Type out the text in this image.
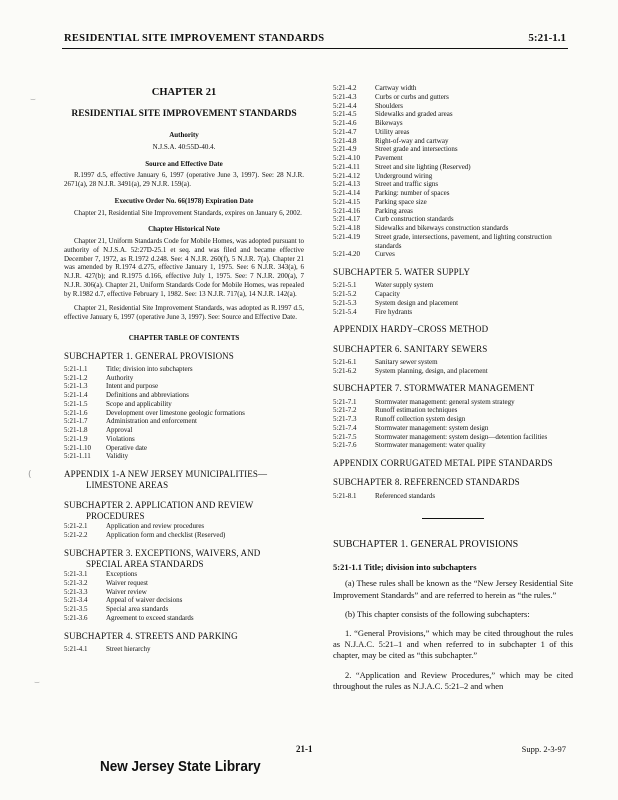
RESIDENTIAL SITE IMPROVEMENT STANDARDS	5:21-1.1
CHAPTER 21
RESIDENTIAL SITE IMPROVEMENT STANDARDS
Authority
N.J.S.A. 40:55D-40.4.
Source and Effective Date
R.1997 d.5, effective January 6, 1997 (operative June 3, 1997). See: 28 N.J.R. 2671(a), 28 N.J.R. 3491(a), 29 N.J.R. 159(a).
Executive Order No. 66(1978) Expiration Date
Chapter 21, Residential Site Improvement Standards, expires on January 6, 2002.
Chapter Historical Note
Chapter 21, Uniform Standards Code for Mobile Homes, was adopted pursuant to authority of N.J.S.A. 52:27D-25.1 et seq. and was filed and became effective December 7, 1972, as R.1972 d.248. See: 4 N.J.R. 260(f), 5 N.J.R. 7(a). Chapter 21 was amended by R.1974 d.275, effective January 1, 1975. See: 6 N.J.R. 343(a), 6 N.J.R. 427(b); and R.1975 d.166, effective July 1, 1975. See: 7 N.J.R. 200(a), 7 N.J.R. 306(a). Chapter 21, Uniform Standards Code for Mobile Homes, was repealed by R.1982 d.7, effective February 1, 1982. See: 13 N.J.R. 717(a), 14 N.J.R. 142(a).
Chapter 21, Residential Site Improvement Standards, was adopted as R.1997 d.5, effective January 6, 1997 (operative June 3, 1997). See: Source and Effective Date.
CHAPTER TABLE OF CONTENTS
SUBCHAPTER 1. GENERAL PROVISIONS
5:21-1.1	Title; division into subchapters
5:21-1.2	Authority
5:21-1.3	Intent and purpose
5:21-1.4	Definitions and abbreviations
5:21-1.5	Scope and applicability
5:21-1.6	Development over limestone geologic formations
5:21-1.7	Administration and enforcement
5:21-1.8	Approval
5:21-1.9	Violations
5:21-1.10	Operative date
5:21-1.11	Validity
APPENDIX 1-A NEW JERSEY MUNICIPALITIES—
LIMESTONE AREAS
SUBCHAPTER 2. APPLICATION AND REVIEW
PROCEDURES
5:21-2.1	Application and review procedures
5:21-2.2	Application form and checklist (Reserved)
SUBCHAPTER 3. EXCEPTIONS, WAIVERS, AND
SPECIAL AREA STANDARDS
5:21-3.1	Exceptions
5:21-3.2	Waiver request
5:21-3.3	Waiver review
5:21-3.4	Appeal of waiver decisions
5:21-3.5	Special area standards
5:21-3.6	Agreement to exceed standards
SUBCHAPTER 4. STREETS AND PARKING
5:21-4.1	Street hierarchy
5:21-4.2	Cartway width
5:21-4.3	Curbs or curbs and gutters
5:21-4.4	Shoulders
5:21-4.5	Sidewalks and graded areas
5:21-4.6	Bikeways
5:21-4.7	Utility areas
5:21-4.8	Right-of-way and cartway
5:21-4.9	Street grade and intersections
5:21-4.10	Pavement
5:21-4.11	Street and site lighting (Reserved)
5:21-4.12	Underground wiring
5:21-4.13	Street and traffic signs
5:21-4.14	Parking: number of spaces
5:21-4.15	Parking space size
5:21-4.16	Parking areas
5:21-4.17	Curb construction standards
5:21-4.18	Sidewalks and bikeways construction standards
5:21-4.19	Street grade, intersections, pavement, and lighting construction standards
5:21-4.20	Curves
SUBCHAPTER 5. WATER SUPPLY
5:21-5.1	Water supply system
5:21-5.2	Capacity
5:21-5.3	System design and placement
5:21-5.4	Fire hydrants
APPENDIX HARDY–CROSS METHOD
SUBCHAPTER 6. SANITARY SEWERS
5:21-6.1	Sanitary sewer system
5:21-6.2	System planning, design, and placement
SUBCHAPTER 7. STORMWATER MANAGEMENT
5:21-7.1	Stormwater management: general system strategy
5:21-7.2	Runoff estimation techniques
5:21-7.3	Runoff collection system design
5:21-7.4	Stormwater management: system design
5:21-7.5	Stormwater management: system design—detention facilities
5:21-7.6	Stormwater management: water quality
APPENDIX CORRUGATED METAL PIPE STANDARDS
SUBCHAPTER 8. REFERENCED STANDARDS
5:21-8.1	Referenced standards
SUBCHAPTER 1. GENERAL PROVISIONS
5:21-1.1 Title; division into subchapters
(a) These rules shall be known as the “New Jersey Residential Site Improvement Standards” and are referred to herein as “the rules.”
(b) This chapter consists of the following subchapters:
1. “General Provisions,” which may be cited throughout the rules as N.J.A.C. 5:21–1 and when referred to in subchapter 1 of this chapter, may be cited as “this subchapter.”
2. “Application and Review Procedures,” which may be cited throughout the rules as N.J.A.C. 5:21–2 and when
21-1	Supp. 2-3-97
New Jersey State Library
⌣
(
⌣
